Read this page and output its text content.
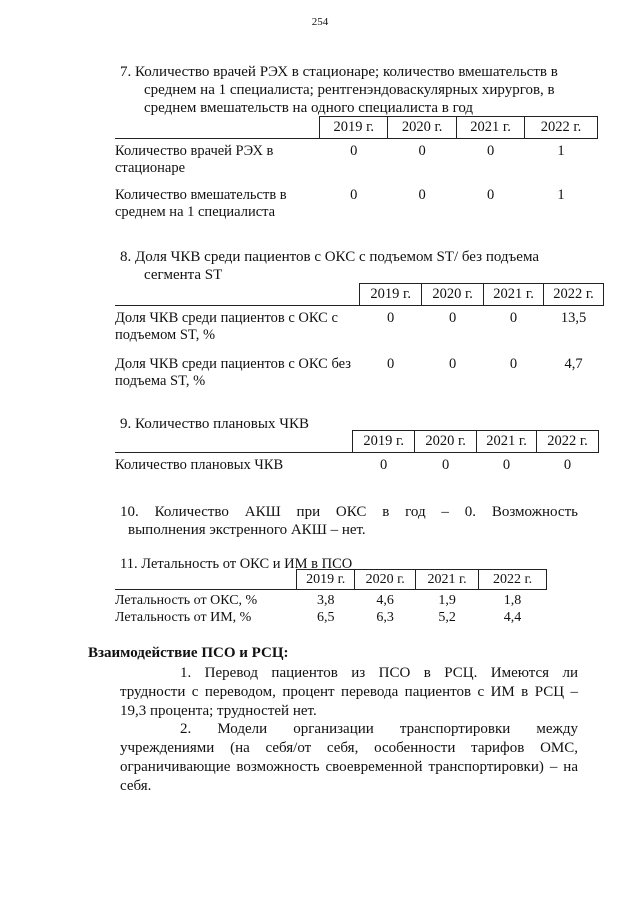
254
7. Количество врачей РЭХ в стационаре; количество вмешательств в
среднем на 1 специалиста; рентгенэндоваскулярных хирургов, в
среднем вмешательств на одного специалиста в год
	2019 г.	2020 г.	2021 г.	2022 г.
Количество врачей РЭХ в стационаре	0	0	0	1
Количество вмешательств в среднем на 1 специалиста	0	0	0	1
8. Доля ЧКВ среди пациентов с ОКС с подъемом ST/ без подъема
сегмента ST
	2019 г.	2020 г.	2021 г.	2022 г.
Доля ЧКВ среди пациентов с ОКС с подъемом ST, %	0	0	0	13,5
Доля ЧКВ среди пациентов с ОКС без подъема ST, %	0	0	0	4,7
9. Количество плановых ЧКВ
	2019 г.	2020 г.	2021 г.	2022 г.
Количество плановых ЧКВ	0	0	0	0
10. Количество АКШ при ОКС в год – 0. Возможность
выполнения экстренного АКШ – нет.
11. Летальность от ОКС и ИМ в ПСО
	2019 г.	2020 г.	2021 г.	2022 г.
Летальность от ОКС, %	3,8	4,6	1,9	1,8
Летальность от ИМ, %	6,5	6,3	5,2	4,4
Взаимодействие ПСО и РСЦ:
1. Перевод пациентов из ПСО в РСЦ. Имеются ли
трудности с переводом, процент перевода пациентов с ИМ в РСЦ –
19,3 процента; трудностей нет.
2. Модели организации транспортировки между
учреждениями (на себя/от себя, особенности тарифов ОМС,
ограничивающие возможность своевременной транспортировки) – на
себя.
